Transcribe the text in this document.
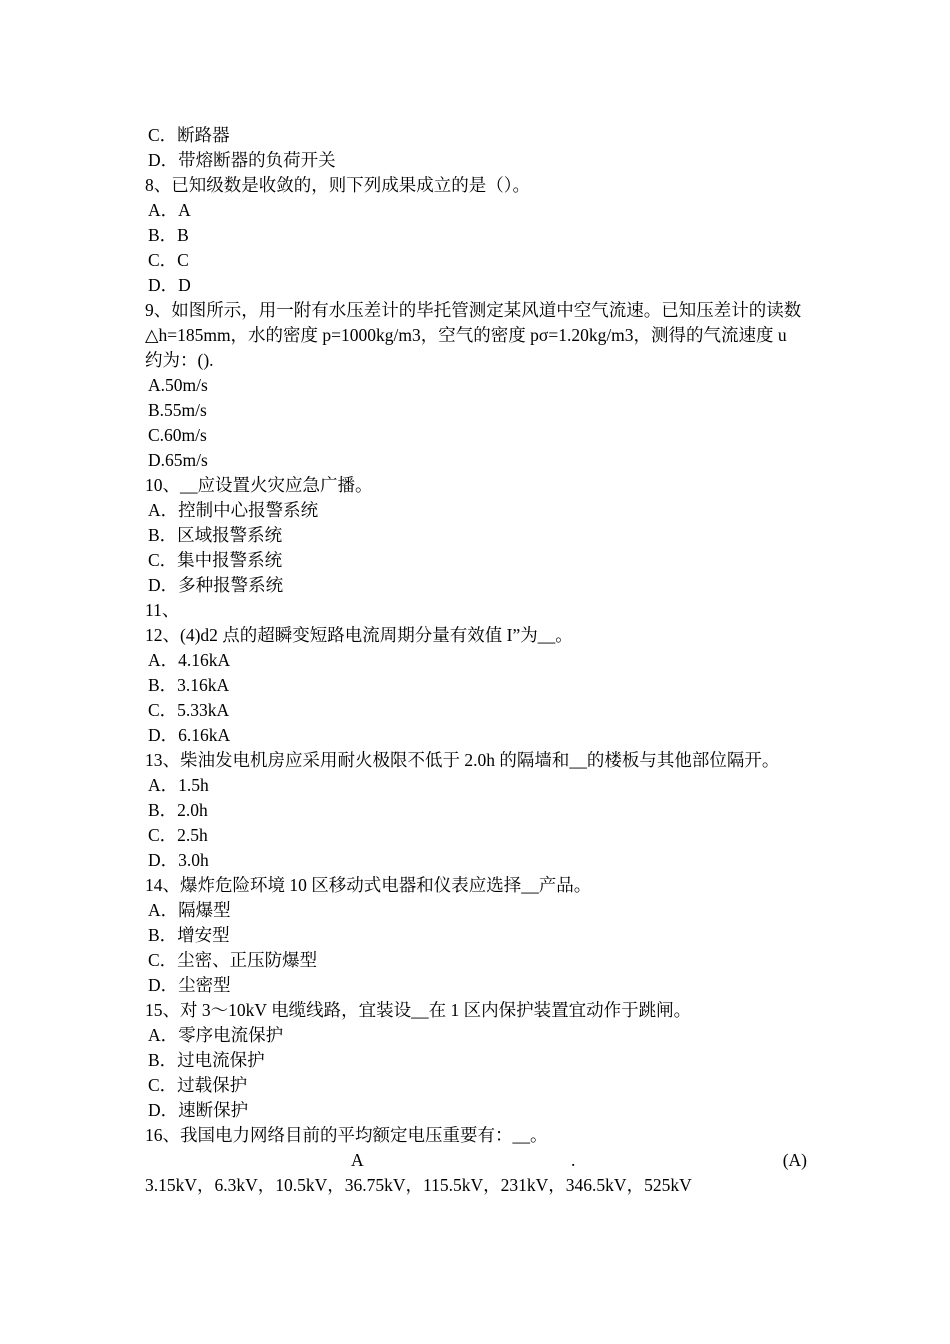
C．断路器
D．带熔断器的负荷开关
8、已知级数是收敛的，则下列成果成立的是（）。
A．A
B．B
C．C
D．D
9、如图所示，用一附有水压差计的毕托管测定某风道中空气流速。已知压差计的读数△h=185mm，水的密度 p=1000kg/m3，空气的密度 pσ=1.20kg/m3，测得的气流速度 u 约为：().
A.50m/s
B.55m/s
C.60m/s
D.65m/s
10、__应设置火灾应急广播。
A．控制中心报警系统
B．区域报警系统
C．集中报警系统
D．多种报警系统
11、
12、(4)d2 点的超瞬变短路电流周期分量有效值 I”为__。
A．4.16kA
B．3.16kA
C．5.33kA
D．6.16kA
13、柴油发电机房应采用耐火极限不低于 2.0h 的隔墙和__的楼板与其他部位隔开。
A．1.5h
B．2.0h
C．2.5h
D．3.0h
14、爆炸危险环境 10 区移动式电器和仪表应选择__产品。
A．隔爆型
B．增安型
C．尘密、正压防爆型
D．尘密型
15、对 3～10kV 电缆线路，宜装设__在 1 区内保护装置宜动作于跳闸。
A．零序电流保护
B．过电流保护
C．过载保护
D．速断保护
16、我国电力网络目前的平均额定电压重要有：__。
A	.	(A)
3.15kV，6.3kV，10.5kV，36.75kV，115.5kV，231kV，346.5kV，525kV
